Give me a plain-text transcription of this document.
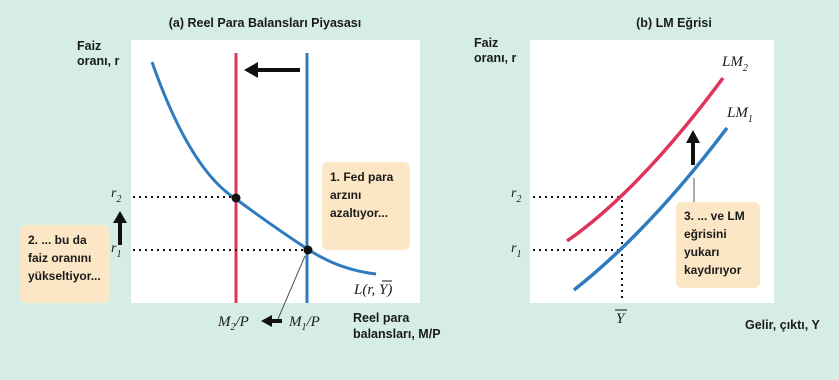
(a) Reel Para Balansları Piyasası
Faiz
oranı, r
$r_2$
$r_1$
$M_2/P$	$M_1/P$
L(r, Y)
Reel para
balansları, M/P
(b) LM Eğrisi
Faiz
oranı, r	$LM_2$
$LM_1$
$r_2$
$r_1$
Y	Gelir, çıktı, Y
1. Fed para
arzını
azaltıyor...
2. ... bu da
faiz oranını
yükseltiyor...
3. ... ve LM
eğrisini
yukarı
kaydırıyor
